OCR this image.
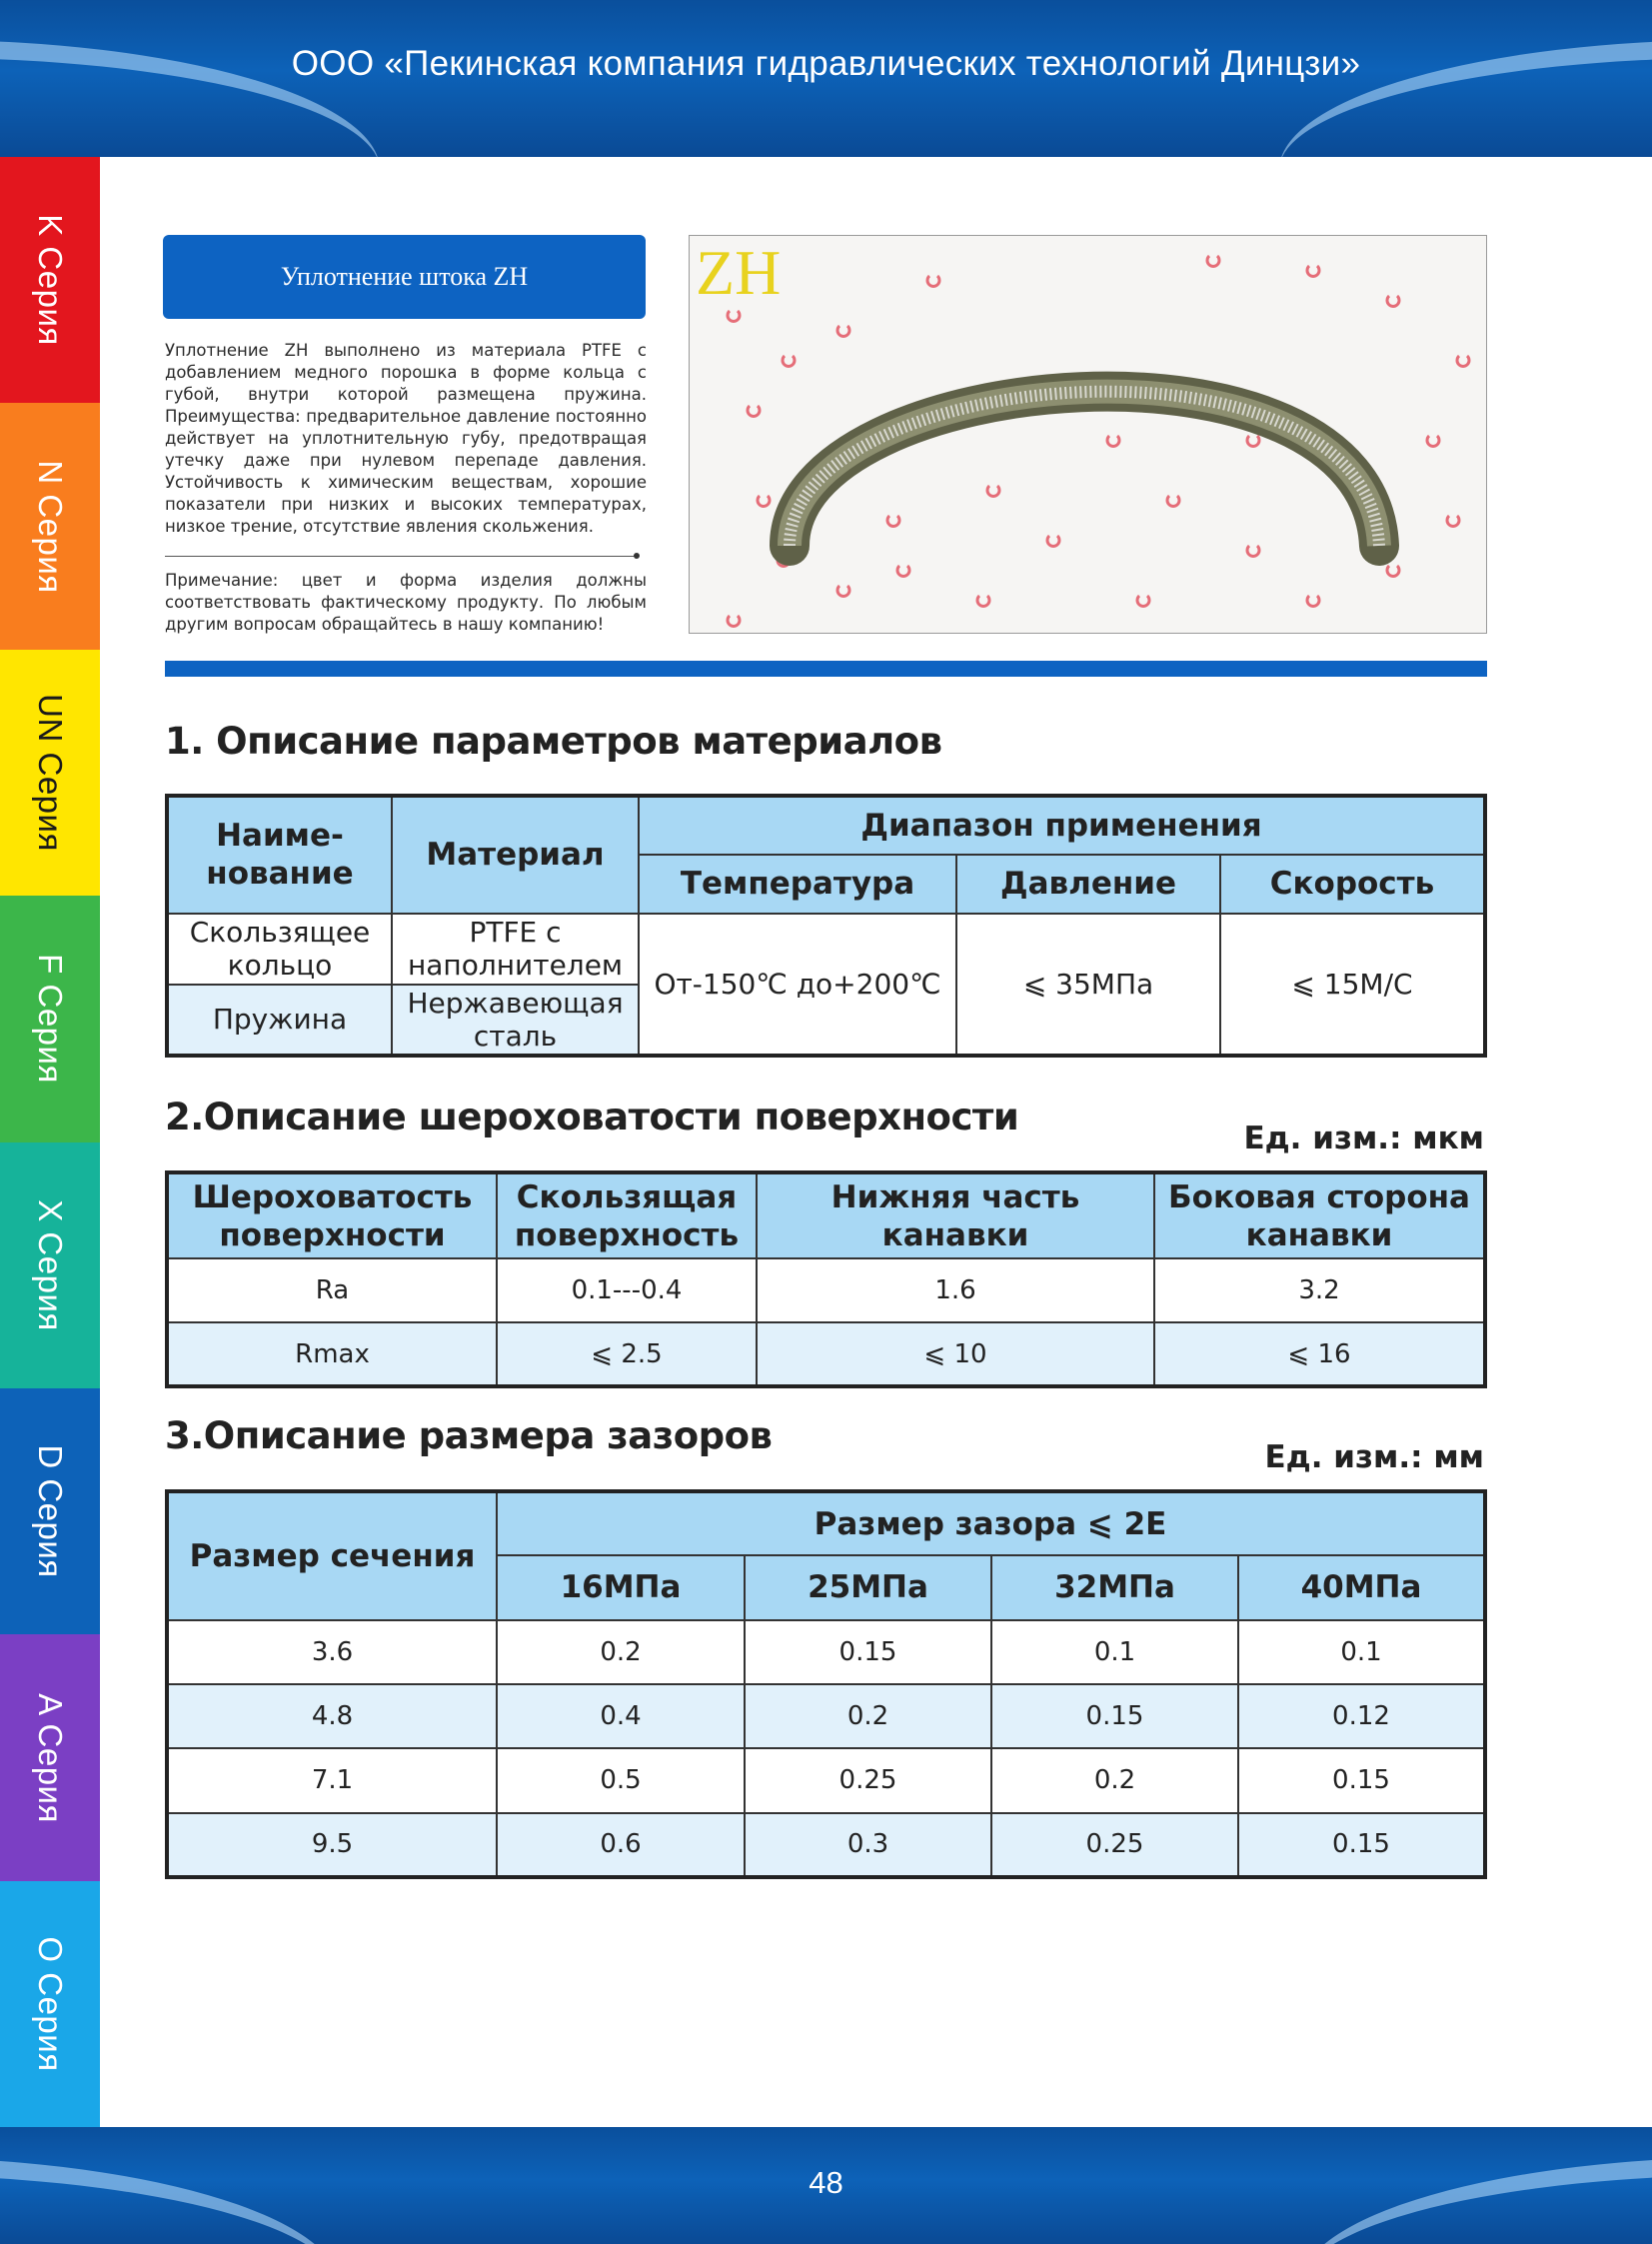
ООО «Пекинская компания гидравлических технологий Динцзи»
K Серия
N Серия
UN Серия
F Серия
X Серия
D Серия
A Серия
O Серия
Уплотнение штока ZH
Уплотнение ZH выполнено из материала PTFE с добавлением медного порошка в форме кольца с губой, внутри которой размещена пружина. Преимущества: предварительное давление постоянно действует на уплотнительную губу, предотвращая утечку даже при нулевом перепаде давления. Устойчивость к химическим веществам, хорошие показатели при низких и высоких температурах, низкое трение, отсутствие явления скольжения.
Примечание: цвет и форма изделия должны соответствовать фактическому продукту. По любым другим вопросам обращайтесь в нашу компанию!
ZH
1. Описание параметров материалов
Наиме-нование	Материал	Диапазон применения		
		Температура	Давление	Скорость
Скользящее кольцо	PTFE с наполнителем	От-150℃ до+200℃	⩽ 35МПа	⩽ 15М/С
Пружина	Нержавеющая сталь			
2.Описание шероховатости поверхности	Ед. изм.: мкм
Шероховатость поверхности	Скользящая поверхность	Нижняя часть канавки	Боковая сторона канавки
Ra	0.1---0.4	1.6	3.2
Rmax	⩽ 2.5	⩽ 10	⩽ 16
3.Описание размера зазоров	Ед. изм.: мм
Размер сечения	Размер зазора ⩽ 2E			
	16МПа	25МПа	32МПа	40МПа
3.6	0.2	0.15	0.1	0.1
4.8	0.4	0.2	0.15	0.12
7.1	0.5	0.25	0.2	0.15
9.5	0.6	0.3	0.25	0.15
48
